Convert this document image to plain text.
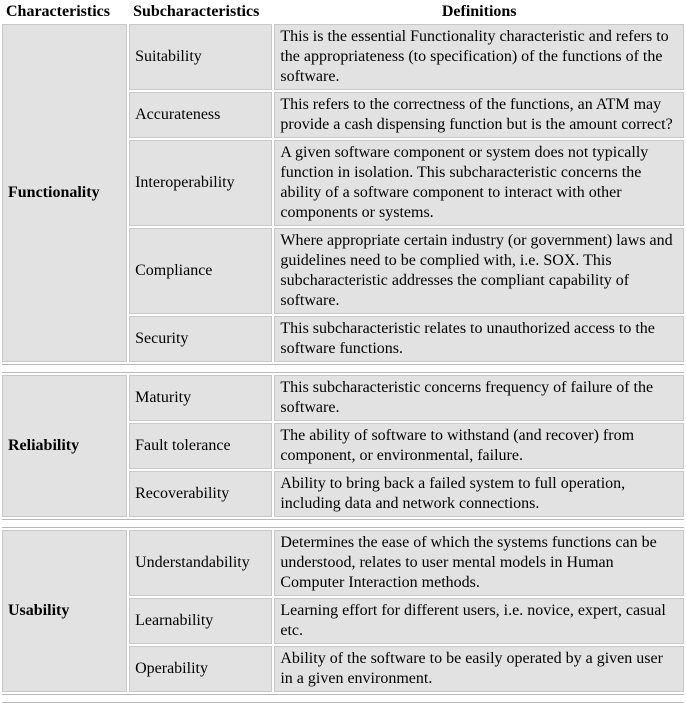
Characteristics	Subcharacteristics	Definitions
Functionality	Suitability	This is the essential Functionality characteristic and refers to the appropriateness (to specification) of the functions of the software.
	Accurateness	This refers to the correctness of the functions, an ATM may provide a cash dispensing function but is the amount correct?
	Interoperability	A given software component or system does not typically function in isolation. This subcharacteristic concerns the ability of a software component to interact with other components or systems.
	Compliance	Where appropriate certain industry (or government) laws and guidelines need to be complied with, i.e. SOX. This subcharacteristic addresses the compliant capability of software.
	Security	This subcharacteristic relates to unauthorized access to the software functions.

Reliability	Maturity	This subcharacteristic concerns frequency of failure of the software.
	Fault tolerance	The ability of software to withstand (and recover) from component, or environmental, failure.
	Recoverability	Ability to bring back a failed system to full operation, including data and network connections.

Usability	Understandability	Determines the ease of which the systems functions can be understood, relates to user mental models in Human Computer Interaction methods.
	Learnability	Learning effort for different users, i.e. novice, expert, casual etc.
	Operability	Ability of the software to be easily operated by a given user in a given environment.
